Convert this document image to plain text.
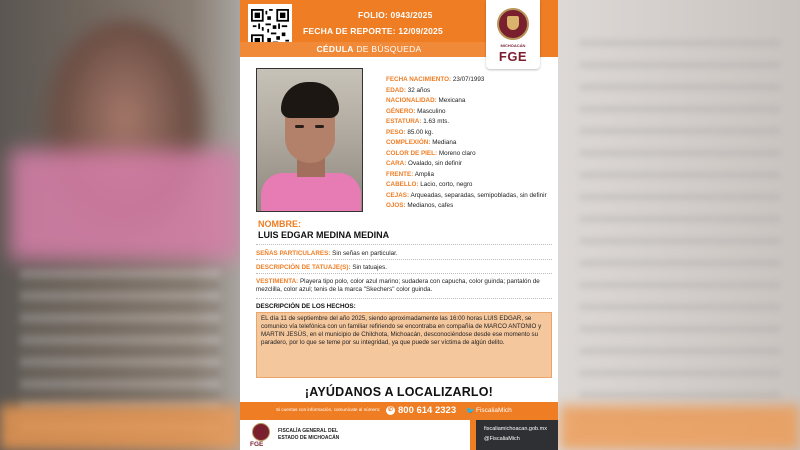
FOLIO: 0943/2025
FECHA DE REPORTE: 12/09/2025
CÉDULA DE BÚSQUEDA	MICHOACÁN
FGE
FECHA NACIMIENTO: 23/07/1993
EDAD: 32 años
NACIONALIDAD: Mexicana
GÉNERO: Masculino
ESTATURA: 1.63 mts.
PESO: 85.00 kg.
COMPLEXIÓN: Mediana
COLOR DE PIEL: Moreno claro
CARA: Ovalado, sin definir
FRENTE: Amplia
CABELLO: Lacio, corto, negro
CEJAS: Arqueadas, separadas, semipobladas, sin definir
OJOS: Medianos, cafes
NOMBRE:
LUIS EDGAR MEDINA MEDINA
SEÑAS PARTICULARES: Sin señas en particular.
DESCRIPCIÓN DE TATUAJE(S): Sin tatuajes.
VESTIMENTA: Playera tipo polo, color azul marino; sudadera con capucha, color guinda; pantalón de mezclilla, color azul; tenis de la marca "Skechers" color guinda.
DESCRIPCIÓN DE LOS HECHOS:
EL día 11 de septiembre del año 2025, siendo aproximadamente las 16:00 horas LUIS EDGAR, se comunico vía telefónica con un familiar refiriendo se encontraba en compañía de MARCO ANTONIO y MARTIN JESÚS, en el municipio de Chilchota, Michoacán, desconociéndose desde ese momento su paradero, por lo que se teme por su integridad, ya que puede ser víctima de algún delito.
¡AYÚDANOS A LOCALIZARLO!
Si cuentas con información, comunícate al número:	✆ 800 614 2323 🐦 FiscaliaMich
FGE
FISCALÍA GENERAL DEL
ESTADO DE MICHOACÁN
fiscaliamichoacan.gob.mx
@FiscaliaMich
